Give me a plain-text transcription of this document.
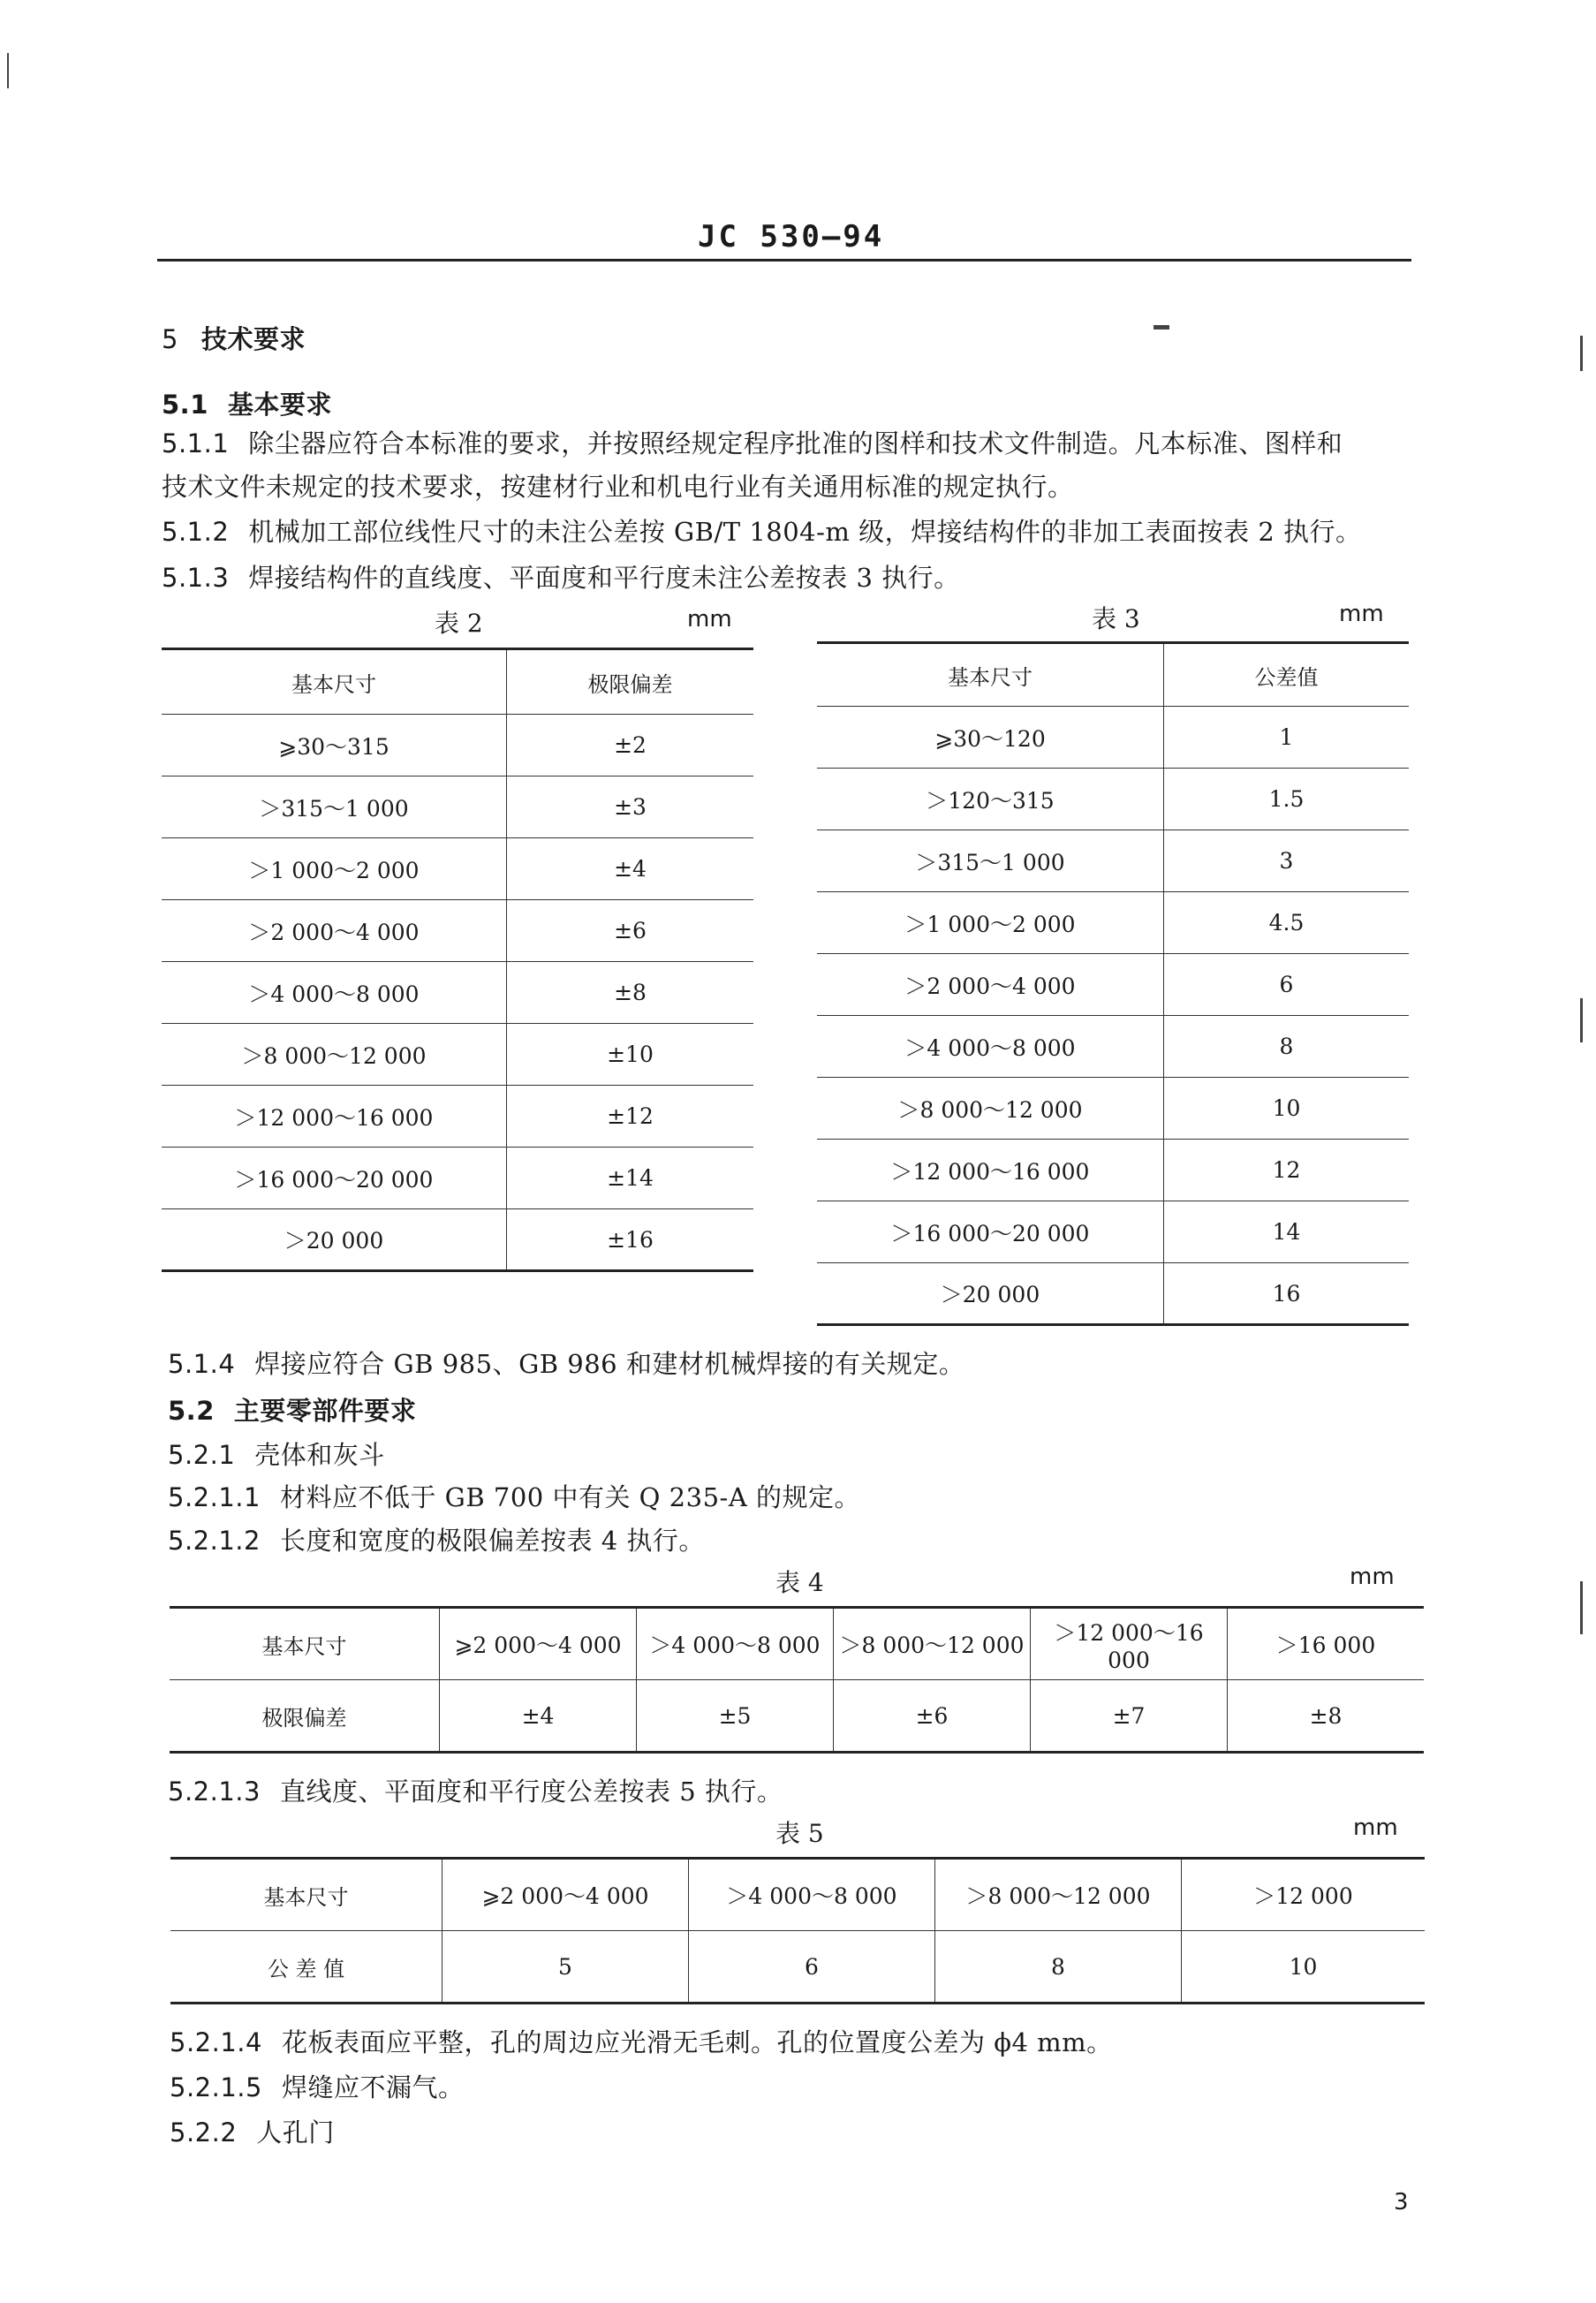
JC 530—94
5 技术要求
5.1 基本要求
5.1.1 除尘器应符合本标准的要求，并按照经规定程序批准的图样和技术文件制造。凡本标准、图样和
技术文件未规定的技术要求，按建材行业和机电行业有关通用标准的规定执行。
5.1.2 机械加工部位线性尺寸的未注公差按 GB/T 1804-m 级，焊接结构件的非加工表面按表 2 执行。
5.1.3 焊接结构件的直线度、平面度和平行度未注公差按表 3 执行。
表 2	mm
基本尺寸	极限偏差
⩾30～315	±2
＞315～1 000	±3
＞1 000～2 000	±4
＞2 000～4 000	±6
＞4 000～8 000	±8
＞8 000～12 000	±10
＞12 000～16 000	±12
＞16 000～20 000	±14
＞20 000	±16
表 3	mm
基本尺寸	公差值
⩾30～120	1
＞120～315	1.5
＞315～1 000	3
＞1 000～2 000	4.5
＞2 000～4 000	6
＞4 000～8 000	8
＞8 000～12 000	10
＞12 000～16 000	12
＞16 000～20 000	14
＞20 000	16
5.1.4 焊接应符合 GB 985、GB 986 和建材机械焊接的有关规定。
5.2 主要零部件要求
5.2.1 壳体和灰斗
5.2.1.1 材料应不低于 GB 700 中有关 Q 235-A 的规定。
5.2.1.2 长度和宽度的极限偏差按表 4 执行。
表 4	mm
基本尺寸	⩾2 000～4 000	＞4 000～8 000	＞8 000～12 000	＞12 000～16 000	＞16 000
极限偏差	±4	±5	±6	±7	±8
5.2.1.3 直线度、平面度和平行度公差按表 5 执行。
表 5	mm
基本尺寸	⩾2 000～4 000	＞4 000～8 000	＞8 000～12 000	＞12 000
公 差 值	5	6	8	10
5.2.1.4 花板表面应平整，孔的周边应光滑无毛刺。孔的位置度公差为 ϕ4 mm。
5.2.1.5 焊缝应不漏气。
5.2.2 人孔门
3
